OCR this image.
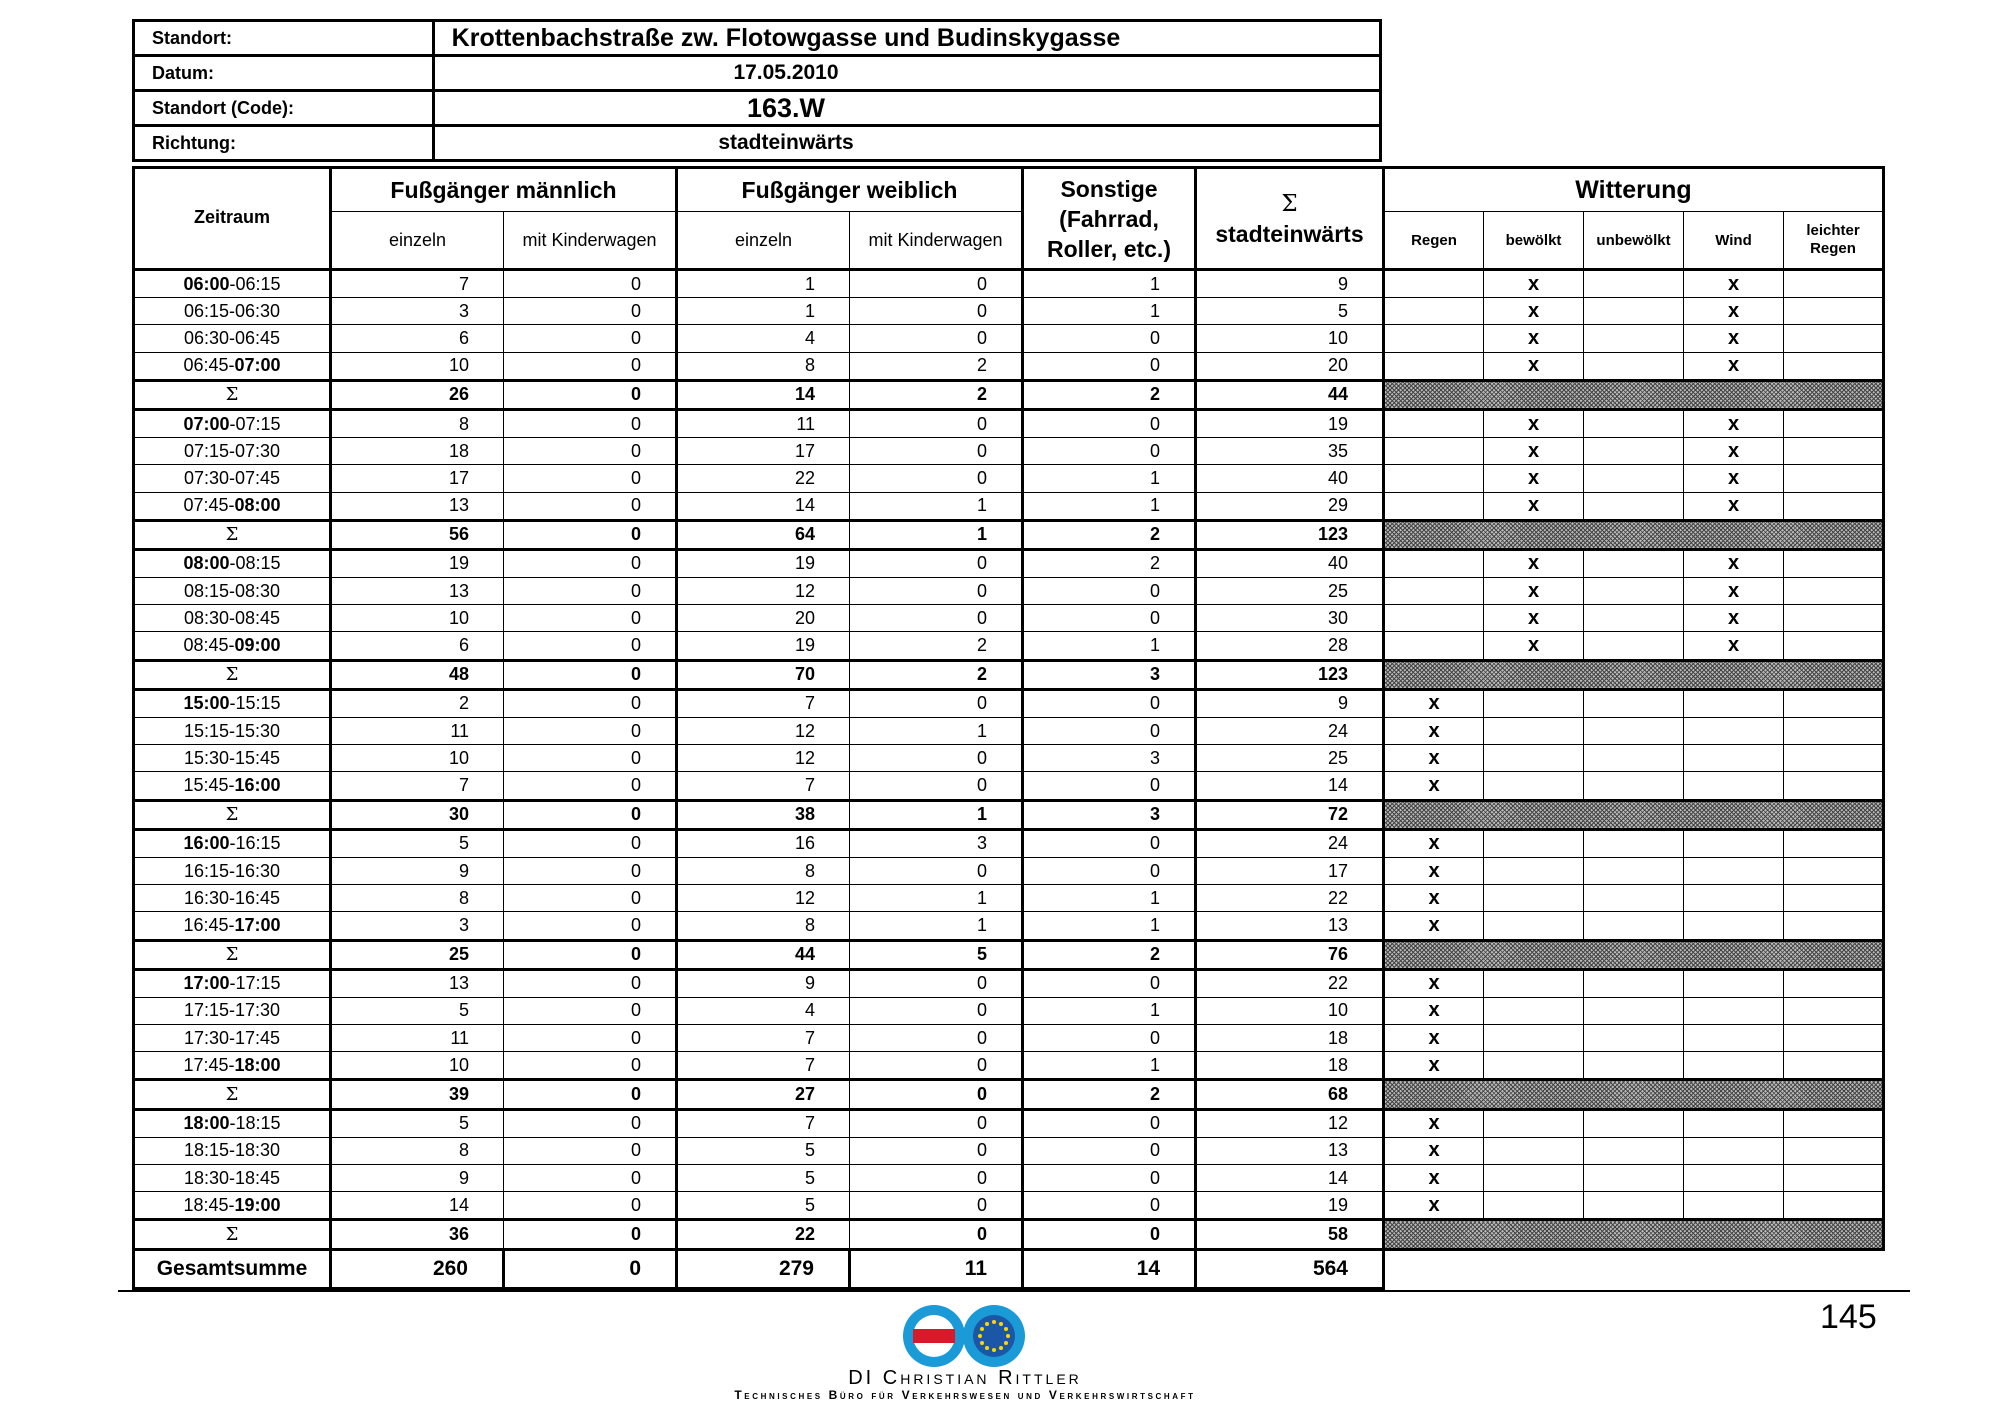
Standort:	Krottenbachstraße zw. Flotowgasse und Budinskygasse
Datum:	17.05.2010
Standort (Code):	163.W
Richtung:	stadteinwärts
Zeitraum	Fußgänger männlich		Fußgänger weiblich		Sonstige (Fahrrad, Roller, etc.)	Σ
stadteinwärts	Witterung				
	einzeln	mit Kinderwagen	einzeln	mit Kinderwagen			Regen	bewölkt	unbewölkt	Wind	leichter Regen
06:00-06:15	7	0	1	0	1	9		x		x	
06:15-06:30	3	0	1	0	1	5		x		x	
06:30-06:45	6	0	4	0	0	10		x		x	
06:45-07:00	10	0	8	2	0	20		x		x	
Σ	26	0	14	2	2	44					
07:00-07:15	8	0	11	0	0	19		x		x	
07:15-07:30	18	0	17	0	0	35		x		x	
07:30-07:45	17	0	22	0	1	40		x		x	
07:45-08:00	13	0	14	1	1	29		x		x	
Σ	56	0	64	1	2	123					
08:00-08:15	19	0	19	0	2	40		x		x	
08:15-08:30	13	0	12	0	0	25		x		x	
08:30-08:45	10	0	20	0	0	30		x		x	
08:45-09:00	6	0	19	2	1	28		x		x	
Σ	48	0	70	2	3	123					
15:00-15:15	2	0	7	0	0	9	x				
15:15-15:30	11	0	12	1	0	24	x				
15:30-15:45	10	0	12	0	3	25	x				
15:45-16:00	7	0	7	0	0	14	x				
Σ	30	0	38	1	3	72					
16:00-16:15	5	0	16	3	0	24	x				
16:15-16:30	9	0	8	0	0	17	x				
16:30-16:45	8	0	12	1	1	22	x				
16:45-17:00	3	0	8	1	1	13	x				
Σ	25	0	44	5	2	76					
17:00-17:15	13	0	9	0	0	22	x				
17:15-17:30	5	0	4	0	1	10	x				
17:30-17:45	11	0	7	0	0	18	x				
17:45-18:00	10	0	7	0	1	18	x				
Σ	39	0	27	0	2	68					
18:00-18:15	5	0	7	0	0	12	x				
18:15-18:30	8	0	5	0	0	13	x				
18:30-18:45	9	0	5	0	0	14	x				
18:45-19:00	14	0	5	0	0	19	x				
Σ	36	0	22	0	0	58					
Gesamtsumme	260	0	279	11	14	564					
145
DI Christian Rittler
Technisches Büro für Verkehrswesen und Verkehrswirtschaft
